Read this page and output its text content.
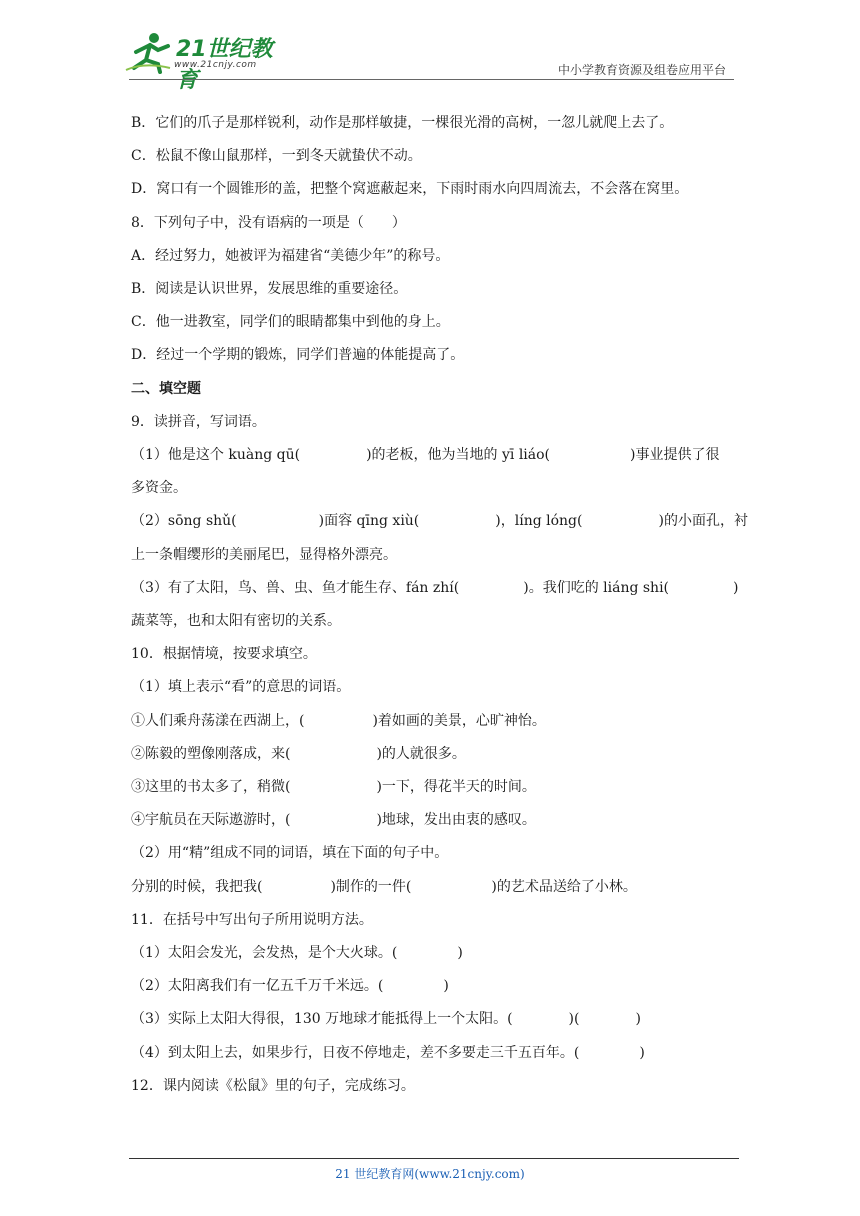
21世纪教育
www.21cnjy.com	中小学教育资源及组卷应用平台
B．它们的爪子是那样锐利，动作是那样敏捷，一棵很光滑的高树，一忽儿就爬上去了。
C．松鼠不像山鼠那样，一到冬天就蛰伏不动。
D．窝口有一个圆锥形的盖，把整个窝遮蔽起来，下雨时雨水向四周流去，不会落在窝里。
8．下列句子中，没有语病的一项是（　　）
A．经过努力，她被评为福建省“美德少年”的称号。
B．阅读是认识世界，发展思维的重要途径。
C．他一进教室，同学们的眼睛都集中到他的身上。
D．经过一个学期的锻炼，同学们普遍的体能提高了。
二、填空题
9．读拼音，写词语。
（1）他是这个 kuàng qū(	)的老板，他为当地的 yī liáo(	)事业提供了很
多资金。
（2）sōng shǔ(	)面容 qīng xiù(	)，líng lóng(	)的小面孔，衬
上一条帽缨形的美丽尾巴，显得格外漂亮。
（3）有了太阳，鸟、兽、虫、鱼才能生存、fán zhí(	)。我们吃的 liáng shi(	)
蔬菜等，也和太阳有密切的关系。
10．根据情境，按要求填空。
（1）填上表示“看”的意思的词语。
①人们乘舟荡漾在西湖上，(	)着如画的美景，心旷神怡。
②陈毅的塑像刚落成，来(	)的人就很多。
③这里的书太多了，稍微(	)一下，得花半天的时间。
④宇航员在天际遨游时，(	)地球，发出由衷的感叹。
（2）用“精”组成不同的词语，填在下面的句子中。
分别的时候，我把我(	)制作的一件(	)的艺术品送给了小林。
11．在括号中写出句子所用说明方法。
（1）太阳会发光，会发热，是个大火球。(	)
（2）太阳离我们有一亿五千万千米远。(	)
（3）实际上太阳大得很，130 万地球才能抵得上一个太阳。(	)(	)
（4）到太阳上去，如果步行，日夜不停地走，差不多要走三千五百年。(	)
12．课内阅读《松鼠》里的句子，完成练习。
21 世纪教育网(www.21cnjy.com)
